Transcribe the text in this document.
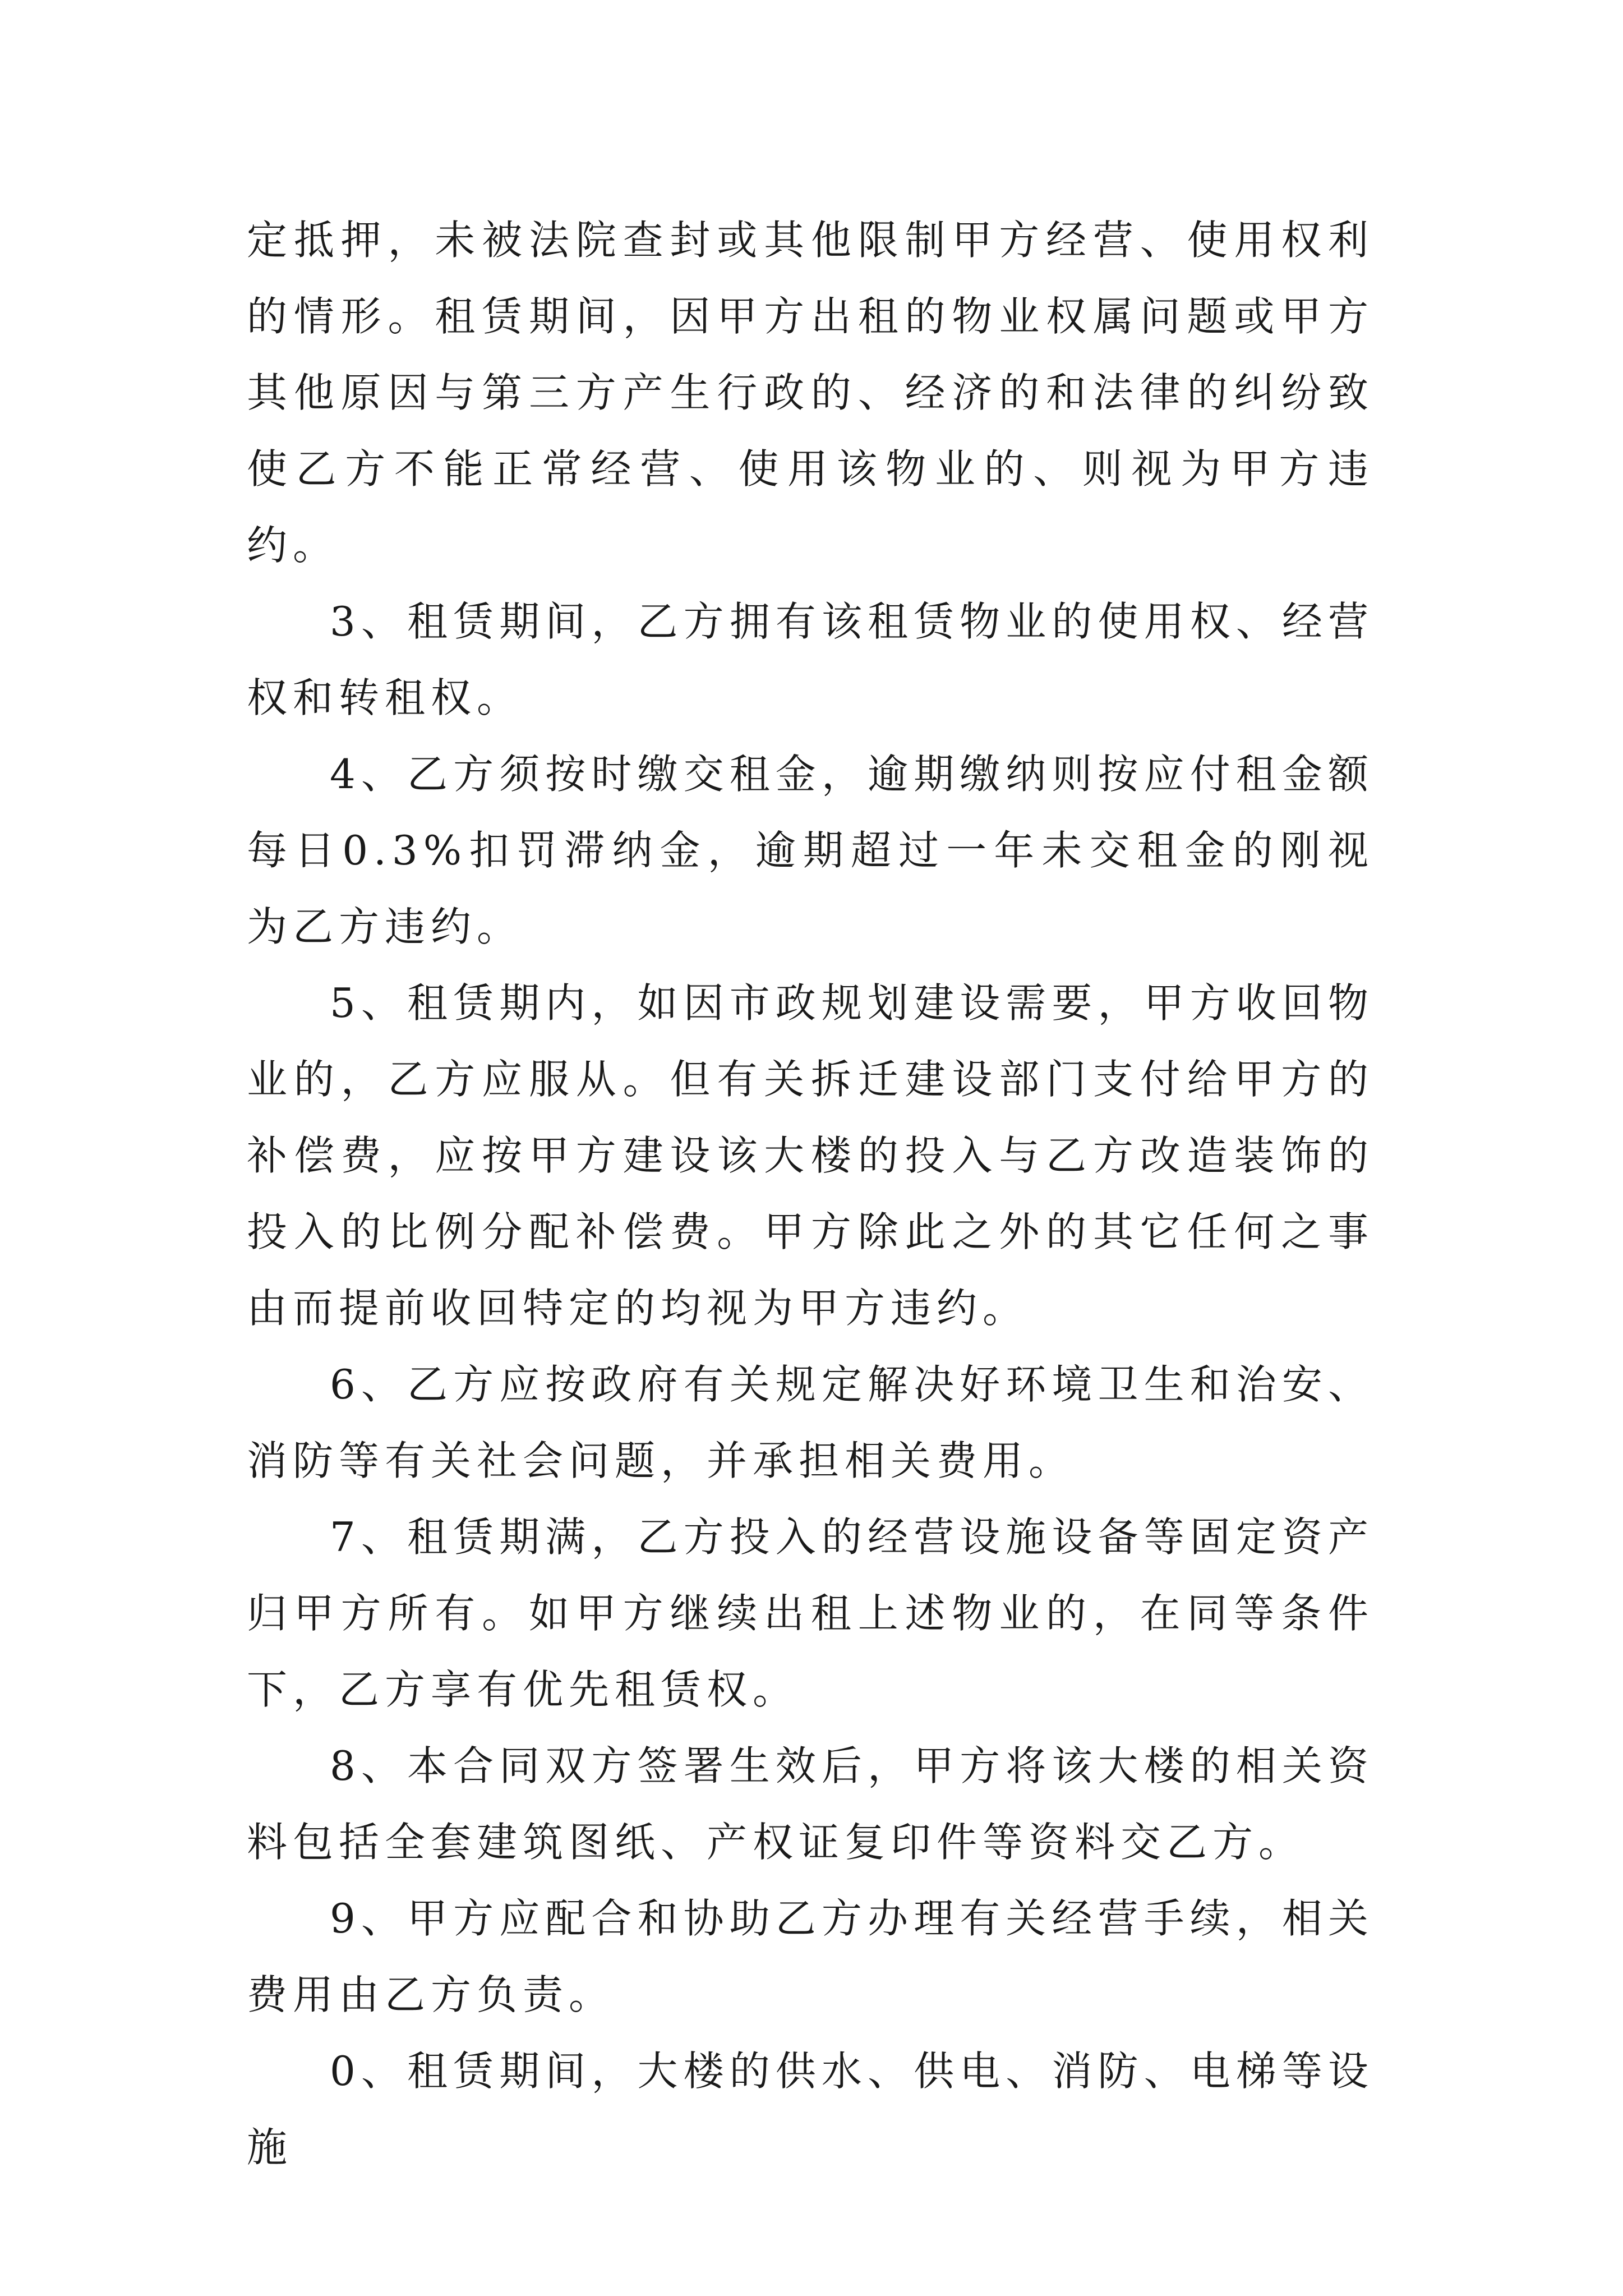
定抵押，未被法院查封或其他限制甲方经营、使用权利的情形。租赁期间，因甲方出租的物业权属问题或甲方其他原因与第三方产生行政的、经济的和法律的纠纷致使乙方不能正常经营、使用该物业的、则视为甲方违约。

3、租赁期间，乙方拥有该租赁物业的使用权、经营权和转租权。

4、乙方须按时缴交租金，逾期缴纳则按应付租金额每日0.3%扣罚滞纳金，逾期超过一年未交租金的刚视为乙方违约。

5、租赁期内，如因市政规划建设需要，甲方收回物业的，乙方应服从。但有关拆迁建设部门支付给甲方的补偿费，应按甲方建设该大楼的投入与乙方改造装饰的投入的比例分配补偿费。甲方除此之外的其它任何之事由而提前收回特定的均视为甲方违约。

6、乙方应按政府有关规定解决好环境卫生和治安、消防等有关社会问题，并承担相关费用。

7、租赁期满，乙方投入的经营设施设备等固定资产归甲方所有。如甲方继续出租上述物业的，在同等条件下，乙方享有优先租赁权。

8、本合同双方签署生效后，甲方将该大楼的相关资料包括全套建筑图纸、产权证复印件等资料交乙方。

9、甲方应配合和协助乙方办理有关经营手续，相关费用由乙方负责。

0、租赁期间，大楼的供水、供电、消防、电梯等设施
